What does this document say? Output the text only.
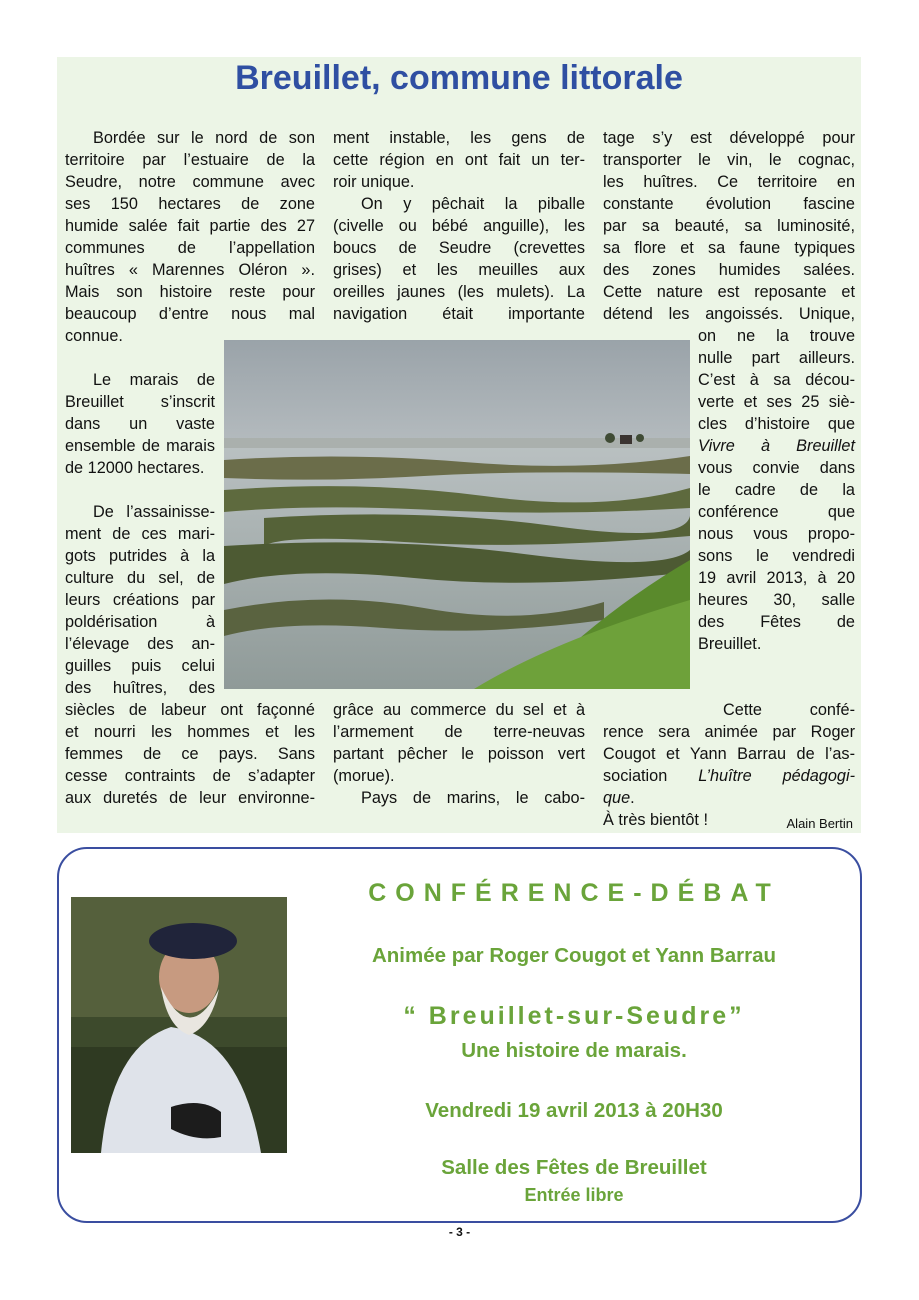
Breuillet, commune littorale
Bordée sur le nord de son
territoire par l’estuaire de la
Seudre, notre commune avec
ses 150 hectares de zone
humide salée fait partie des 27
communes de l’appellation
huîtres « Marennes Oléron ».
Mais son histoire reste pour
beaucoup d’entre nous mal
connue.
Le marais de
Breuillet s’inscrit
dans un vaste
ensemble de marais
de 12000 hectares.
De l’assainisse-
ment de ces mari-
gots putrides à la
culture du sel, de
leurs créations par
poldérisation à
l’élevage des an-
guilles puis celui
des huîtres, des
siècles de labeur ont façonné
et nourri les hommes et les
femmes de ce pays. Sans
cesse contraints de s’adapter
aux duretés de leur environne-
ment instable, les gens de
cette région en ont fait un ter-
roir unique.
On y pêchait la piballe
(civelle ou bébé anguille), les
boucs de Seudre (crevettes
grises) et les meuilles aux
oreilles jaunes (les mulets). La
navigation était importante
grâce au commerce du sel et à
l’armement de terre-neuvas
partant pêcher le poisson vert
(morue).
Pays de marins, le cabo-
tage s’y est développé pour
transporter le vin, le cognac,
les huîtres. Ce territoire en
constante évolution fascine
par sa beauté, sa luminosité,
sa flore et sa faune typiques
des zones humides salées.
Cette nature est reposante et
détend les angoissés. Unique,
on ne la trouve
nulle part ailleurs.
C’est à sa décou-
verte et ses 25 siè-
cles d’histoire que
Vivre à Breuillet
vous convie dans
le cadre de la
conférence que
nous vous propo-
sons le vendredi
19 avril 2013, à 20
heures 30, salle
des Fêtes de
Breuillet.
Cette confé-
rence sera animée par Roger
Cougot et Yann Barrau de l’as-
sociation L’huître pédagogi-
que.
À très bientôt !	Alain Bertin
CONFÉRENCE-DÉBAT
Animée par Roger Cougot et Yann Barrau
“ Breuillet-sur-Seudre”
Une histoire de marais.
Vendredi 19 avril 2013 à 20H30
Salle des Fêtes de Breuillet
Entrée libre
- 3 -
